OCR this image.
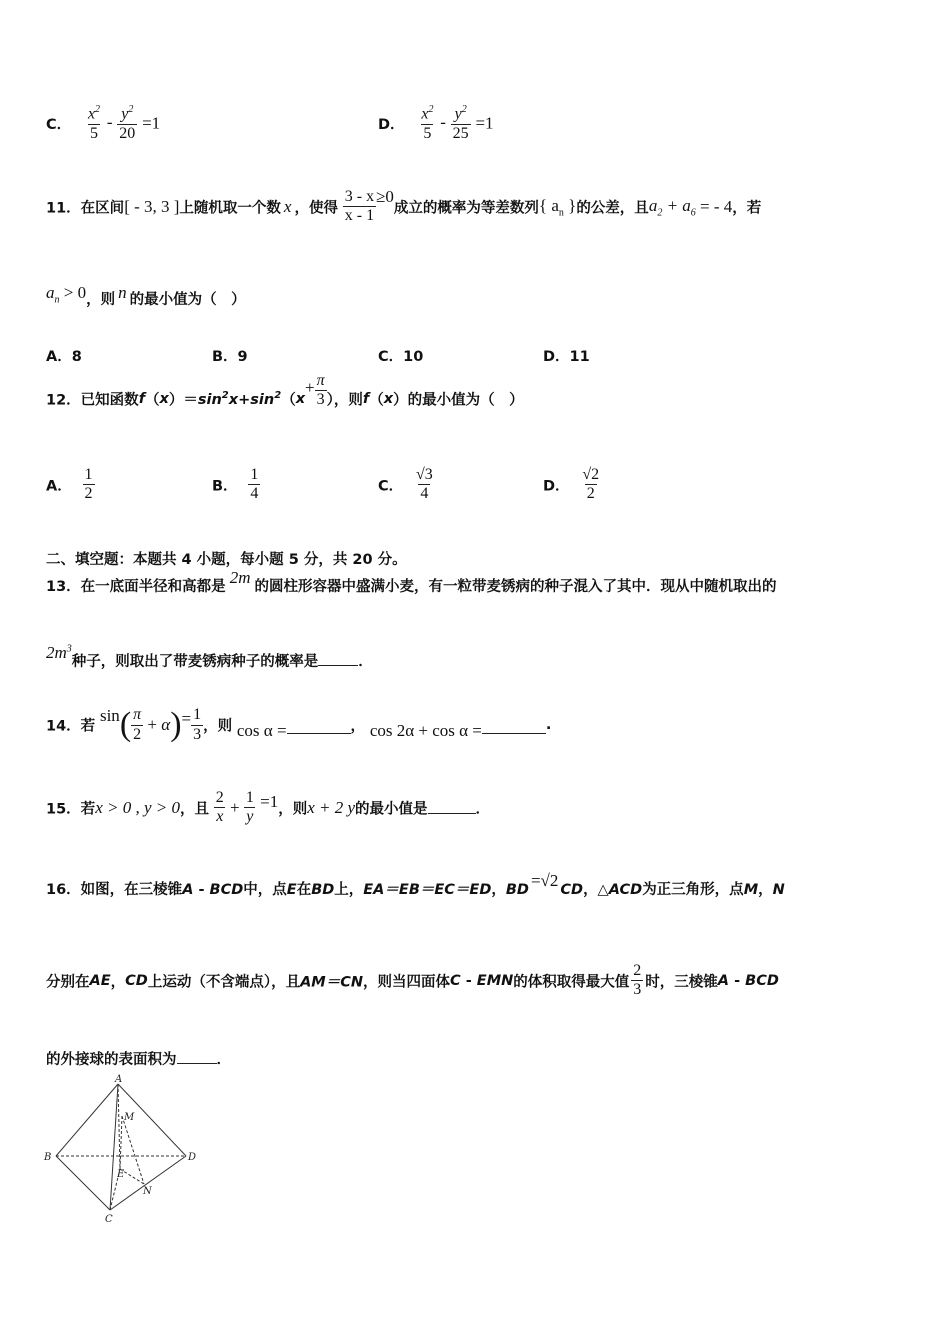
C． $\frac{x^2}{5} - \frac{y^2}{20} =1$	D． $\frac{x^2}{5} - \frac{y^2}{25} =1$
11．在区间[ - 3, 3 ]上随机取一个数 x ，使得 $\frac{3 - x}{x - 1} \ge 0$成立的概率为等差数列{ $a_n$ }的公差，且$a_2 + a_6$ = - 4，若
$a_n > 0$，则 n 的最小值为（　）
A．8	B．9	C．10	D．11
12．已知函数$f(x)=\sin^2x+\sin^2(x+ \frac{\pi}{3}$ ），则f（x）的最小值为（　）
A． $\frac{1}{2}$	B． $\frac{1}{4}$	C． $\frac{√3}{4}$	D． $\frac{√2}{2}$
二、填空题：本题共 4 小题，每小题 5 分，共 20 分。
13．在一底面半径和高都是 2m 的圆柱形容器中盛满小麦，有一粒带麦锈病的种子混入了其中．现从中随机取出的
$2m^3$种子，则取出了带麦锈病种子的概率是	．
14．若 $\sin( \frac{\pi}{2} + \alpha)= \frac{1}{3}$ ，则 cos α =	， cos 2α + cos α =	.
15．若x > 0 , y > 0，且 $\frac{2}{x} + \frac{1}{y} =1$，则x + 2 y的最小值是	．
16．如图，在三棱锥A - BCD中，点E在BD上，EA＝EB＝EC＝ED，BD =√2 CD，△ACD为正三角形，点M，N
分别在AE，CD上运动（不含端点），且AM＝CN，则当四面体C - EMN的体积取得最大值 $\frac{2}{3}$ 时，三棱锥A - BCD
的外接球的表面积为	．
A
B
C
D
E
M
N
